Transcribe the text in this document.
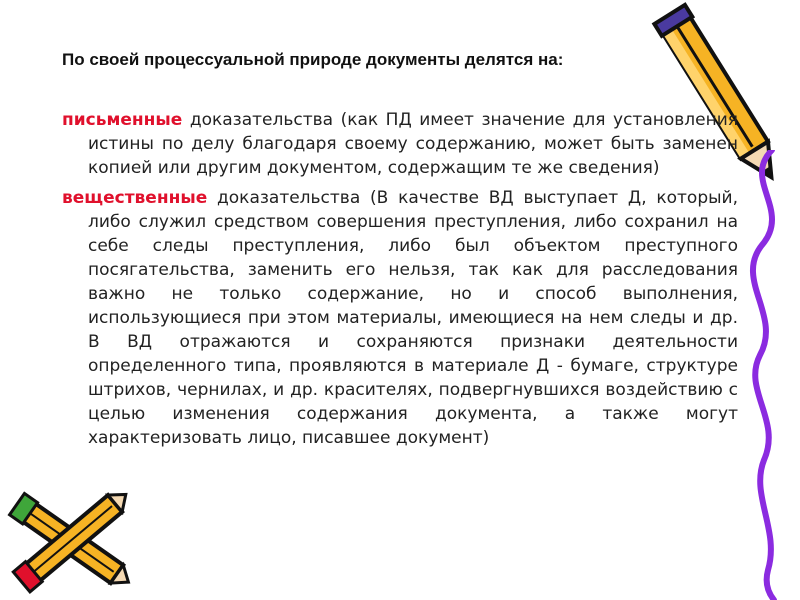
По своей процессуальной природе документы делятся на:

письменные доказательства (как ПД имеет значение для установления истины по делу благодаря своему содержанию, может быть заменен копией или другим документом, содержащим те же сведения)

вещественные доказательства (В качестве ВД выступает Д, который, либо служил средством совершения преступления, либо сохранил на себе следы преступления, либо был объектом преступного посягательства, заменить его нельзя, так как для расследования важно не только содержание, но и способ выполнения, использующиеся при этом материалы, имеющиеся на нем следы и др. В ВД отражаются и сохраняются признаки деятельности определенного типа, проявляются в материале Д - бумаге, структуре штрихов, чернилах, и др. красителях, подвергнувшихся воздействию с целью изменения содержания документа, а также могут характеризовать лицо, писавшее документ)
